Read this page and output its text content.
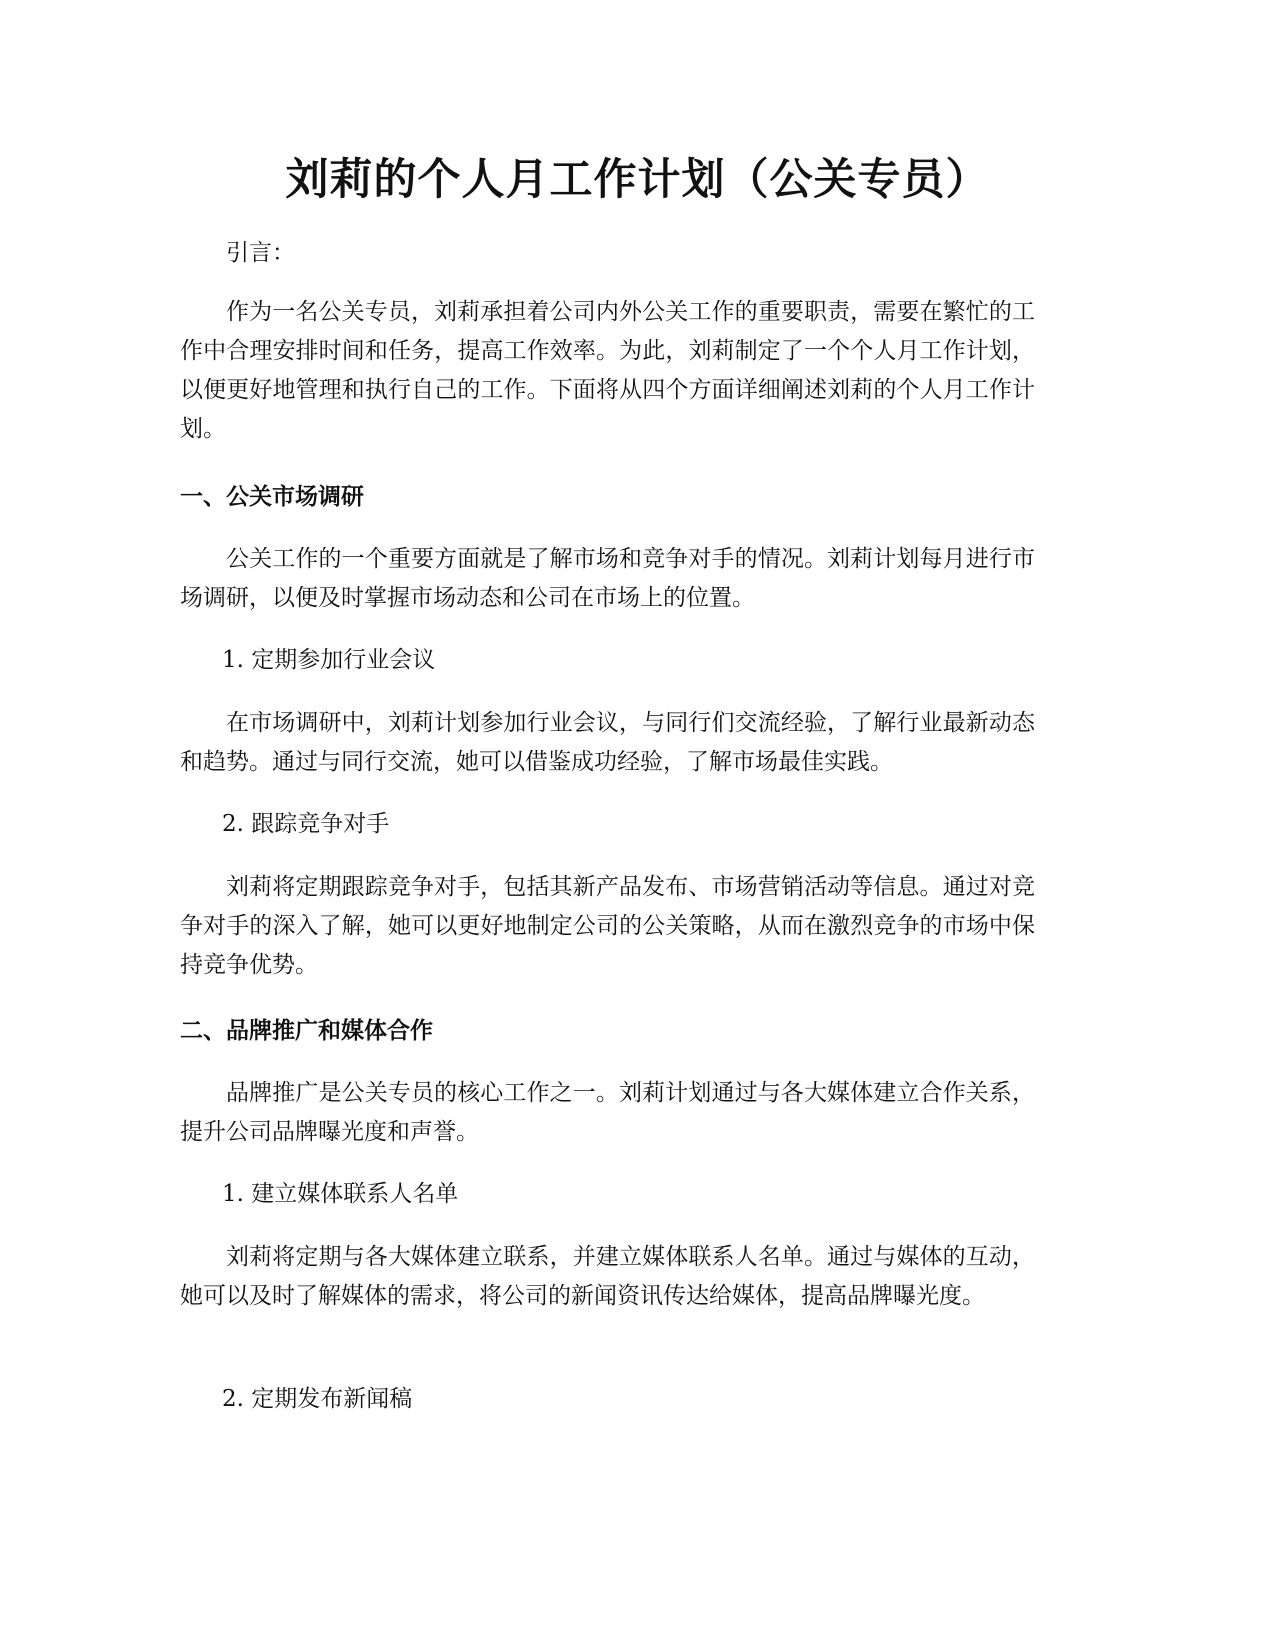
刘莉的个人月工作计划（公关专员）

引言：

作为一名公关专员，刘莉承担着公司内外公关工作的重要职责，需要在繁忙的工作中合理安排时间和任务，提高工作效率。为此，刘莉制定了一个个人月工作计划，以便更好地管理和执行自己的工作。下面将从四个方面详细阐述刘莉的个人月工作计划。

一、公关市场调研

公关工作的一个重要方面就是了解市场和竞争对手的情况。刘莉计划每月进行市场调研，以便及时掌握市场动态和公司在市场上的位置。

1. 定期参加行业会议

在市场调研中，刘莉计划参加行业会议，与同行们交流经验，了解行业最新动态和趋势。通过与同行交流，她可以借鉴成功经验，了解市场最佳实践。

2. 跟踪竞争对手

刘莉将定期跟踪竞争对手，包括其新产品发布、市场营销活动等信息。通过对竞争对手的深入了解，她可以更好地制定公司的公关策略，从而在激烈竞争的市场中保持竞争优势。

二、品牌推广和媒体合作

品牌推广是公关专员的核心工作之一。刘莉计划通过与各大媒体建立合作关系，提升公司品牌曝光度和声誉。

1. 建立媒体联系人名单

刘莉将定期与各大媒体建立联系，并建立媒体联系人名单。通过与媒体的互动，她可以及时了解媒体的需求，将公司的新闻资讯传达给媒体，提高品牌曝光度。

2. 定期发布新闻稿
